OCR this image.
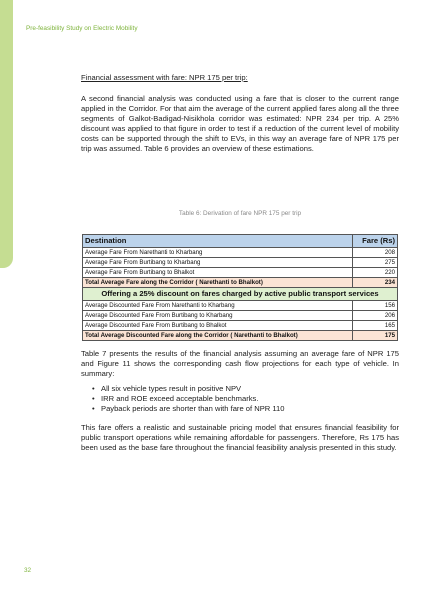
Pre-feasibility Study on Electric Mobility
Financial assessment with fare: NPR 175 per trip:
A second financial analysis was conducted using a fare that is closer to the current range applied in the Corridor. For that aim the average of the current applied fares along all the three segments of Galkot-Badigad-Nisikhola corridor was estimated: NPR 234 per trip. A 25% discount was applied to that figure in order to test if a reduction of the current level of mobility costs can be supported through the shift to EVs, in this way an average fare of NPR 175 per trip was assumed. Table 6 provides an overview of these estimations.
Table 6: Derivation of fare NPR 175 per trip
Destination	Fare (Rs)
Average Fare From Narethanti to Kharbang	208
Average Fare From Burtibang to Kharbang	275
Average Fare From Burtibang to Bhalkot	220
Total Average Fare along the Corridor ( Narethanti to Bhalkot)	234
Offering a 25% discount on fares charged by active public transport services	
Average Discounted Fare From Narethanti to Kharbang	156
Average Discounted Fare From Burtibang to Kharbang	206
Average Discounted Fare From Burtibang to Bhalkot	165
Total Average Discounted Fare along the Corridor ( Narethanti to Bhalkot)	175
Table 7 presents the results of the financial analysis assuming an average fare of NPR 175 and Figure 11 shows the corresponding cash flow projections for each type of vehicle. In summary:
• All six vehicle types result in positive NPV
• IRR and ROE exceed acceptable benchmarks.
• Payback periods are shorter than with fare of NPR 110
This fare offers a realistic and sustainable pricing model that ensures financial feasibility for public transport operations while remaining affordable for passengers. Therefore, Rs 175 has been used as the base fare throughout the financial feasibility analysis presented in this study.
32
